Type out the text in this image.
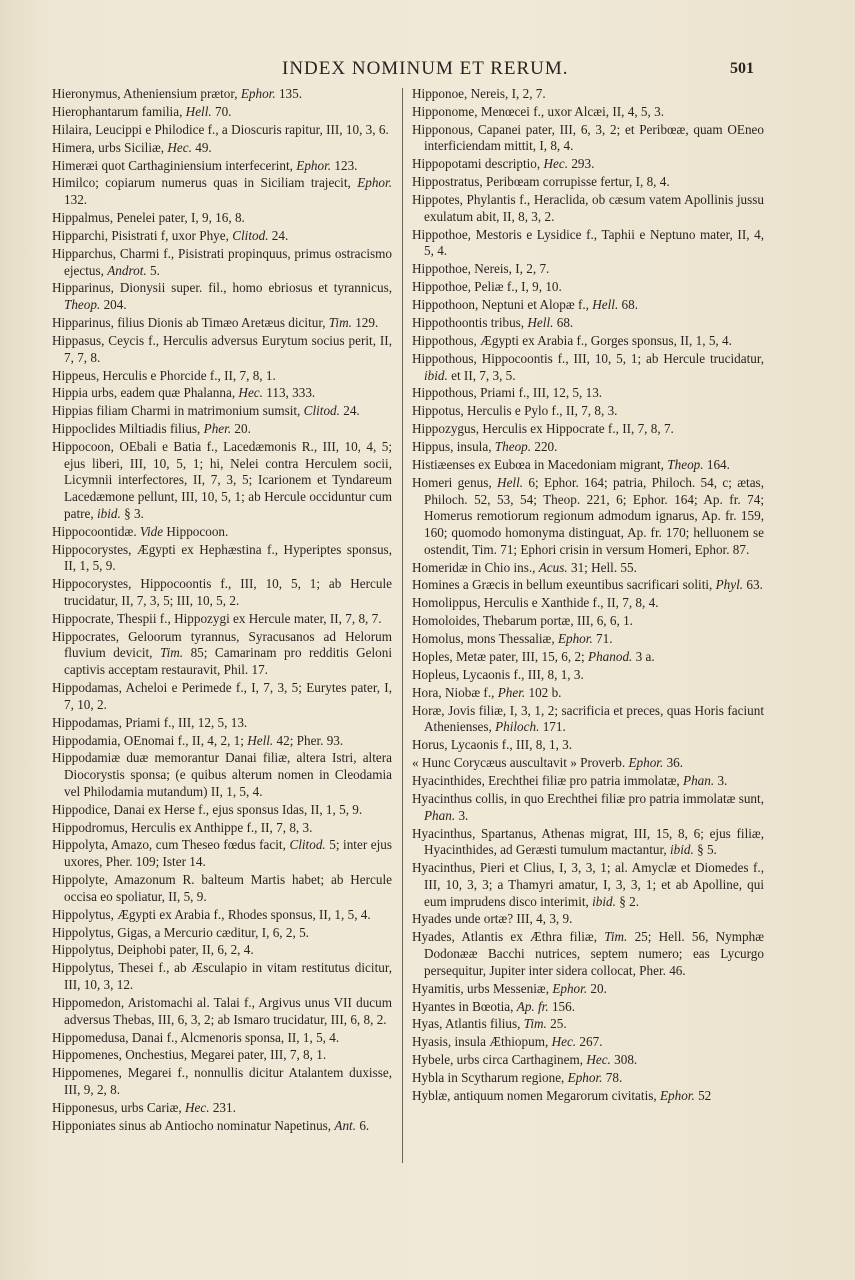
INDEX NOMINUM ET RERUM.	501

Hieronymus, Atheniensium prætor, Ephor. 135.

Hierophantarum familia, Hell. 70.

Hilaira, Leucippi e Philodice f., a Dioscuris rapitur, III, 10, 3, 6.

Himera, urbs Siciliæ, Hec. 49.

Himeræi quot Carthaginiensium interfecerint, Ephor. 123.

Himilco; copiarum numerus quas in Siciliam trajecit, Ephor. 132.

Hippalmus, Penelei pater, I, 9, 16, 8.

Hipparchi, Pisistrati f, uxor Phye, Clitod. 24.

Hipparchus, Charmi f., Pisistrati propinquus, primus ostracismo ejectus, Androt. 5.

Hipparinus, Dionysii super. fil., homo ebriosus et tyrannicus, Theop. 204.

Hipparinus, filius Dionis ab Timæo Aretæus dicitur, Tim. 129.

Hippasus, Ceycis f., Herculis adversus Eurytum socius perit, II, 7, 7, 8.

Hippeus, Herculis e Phorcide f., II, 7, 8, 1.

Hippia urbs, eadem quæ Phalanna, Hec. 113, 333.

Hippias filiam Charmi in matrimonium sumsit, Clitod. 24.

Hippoclides Miltiadis filius, Pher. 20.

Hippocoon, OEbali e Batia f., Lacedæmonis R., III, 10, 4, 5; ejus liberi, III, 10, 5, 1; hi, Nelei contra Herculem socii, Licymnii interfectores, II, 7, 3, 5; Icarionem et Tyndareum Lacedæmone pellunt, III, 10, 5, 1; ab Hercule occiduntur cum patre, ibid. § 3.

Hippocoontidæ. Vide Hippocoon.

Hippocorystes, Ægypti ex Hephæstina f., Hyperiptes sponsus, II, 1, 5, 9.

Hippocorystes, Hippocoontis f., III, 10, 5, 1; ab Hercule trucidatur, II, 7, 3, 5; III, 10, 5, 2.

Hippocrate, Thespii f., Hippozygi ex Hercule mater, II, 7, 8, 7.

Hippocrates, Geloorum tyrannus, Syracusanos ad Helorum fluvium devicit, Tim. 85; Camarinam pro redditis Geloni captivis acceptam restauravit, Phil. 17.

Hippodamas, Acheloi e Perimede f., I, 7, 3, 5; Eurytes pater, I, 7, 10, 2.

Hippodamas, Priami f., III, 12, 5, 13.

Hippodamia, OEnomai f., II, 4, 2, 1; Hell. 42; Pher. 93.

Hippodamiæ duæ memorantur Danai filiæ, altera Istri, altera Diocorystis sponsa; (e quibus alterum nomen in Cleodamia vel Philodamia mutandum) II, 1, 5, 4.

Hippodice, Danai ex Herse f., ejus sponsus Idas, II, 1, 5, 9.

Hippodromus, Herculis ex Anthippe f., II, 7, 8, 3.

Hippolyta, Amazo, cum Theseo fœdus facit, Clitod. 5; inter ejus uxores, Pher. 109; Ister 14.

Hippolyte, Amazonum R. balteum Martis habet; ab Hercule occisa eo spoliatur, II, 5, 9.

Hippolytus, Ægypti ex Arabia f., Rhodes sponsus, II, 1, 5, 4.

Hippolytus, Gigas, a Mercurio cæditur, I, 6, 2, 5.

Hippolytus, Deiphobi pater, II, 6, 2, 4.

Hippolytus, Thesei f., ab Æsculapio in vitam restitutus dicitur, III, 10, 3, 12.

Hippomedon, Aristomachi al. Talai f., Argivus unus VII ducum adversus Thebas, III, 6, 3, 2; ab Ismaro trucidatur, III, 6, 8, 2.

Hippomedusa, Danai f., Alcmenoris sponsa, II, 1, 5, 4.

Hippomenes, Onchestius, Megarei pater, III, 7, 8, 1.

Hippomenes, Megarei f., nonnullis dicitur Atalantem duxisse, III, 9, 2, 8.

Hipponesus, urbs Cariæ, Hec. 231.

Hipponiates sinus ab Antiocho nominatur Napetinus, Ant. 6.

Hipponoe, Nereis, I, 2, 7.

Hipponome, Menœcei f., uxor Alcæi, II, 4, 5, 3.

Hipponous, Capanei pater, III, 6, 3, 2; et Peribœæ, quam OEneo interficiendam mittit, I, 8, 4.

Hippopotami descriptio, Hec. 293.

Hippostratus, Peribœam corrupisse fertur, I, 8, 4.

Hippotes, Phylantis f., Heraclida, ob cæsum vatem Apollinis jussu exulatum abit, II, 8, 3, 2.

Hippothoe, Mestoris e Lysidice f., Taphii e Neptuno mater, II, 4, 5, 4.

Hippothoe, Nereis, I, 2, 7.

Hippothoe, Peliæ f., I, 9, 10.

Hippothoon, Neptuni et Alopæ f., Hell. 68.

Hippothoontis tribus, Hell. 68.

Hippothous, Ægypti ex Arabia f., Gorges sponsus, II, 1, 5, 4.

Hippothous, Hippocoontis f., III, 10, 5, 1; ab Hercule trucidatur, ibid. et II, 7, 3, 5.

Hippothous, Priami f., III, 12, 5, 13.

Hippotus, Herculis e Pylo f., II, 7, 8, 3.

Hippozygus, Herculis ex Hippocrate f., II, 7, 8, 7.

Hippus, insula, Theop. 220.

Histiæenses ex Eubœa in Macedoniam migrant, Theop. 164.

Homeri genus, Hell. 6; Ephor. 164; patria, Philoch. 54, c; ætas, Philoch. 52, 53, 54; Theop. 221, 6; Ephor. 164; Ap. fr. 74; Homerus remotiorum regionum admodum ignarus, Ap. fr. 159, 160; quomodo homonyma distinguat, Ap. fr. 170; helluonem se ostendit, Tim. 71; Ephori crisin in versum Homeri, Ephor. 87.

Homeridæ in Chio ins., Acus. 31; Hell. 55.

Homines a Græcis in bellum exeuntibus sacrificari soliti, Phyl. 63.

Homolippus, Herculis e Xanthide f., II, 7, 8, 4.

Homoloides, Thebarum portæ, III, 6, 6, 1.

Homolus, mons Thessaliæ, Ephor. 71.

Hoples, Metæ pater, III, 15, 6, 2; Phanod. 3 a.

Hopleus, Lycaonis f., III, 8, 1, 3.

Hora, Niobæ f., Pher. 102 b.

Horæ, Jovis filiæ, I, 3, 1, 2; sacrificia et preces, quas Horis faciunt Athenienses, Philoch. 171.

Horus, Lycaonis f., III, 8, 1, 3.

« Hunc Corycæus auscultavit » Proverb. Ephor. 36.

Hyacinthides, Erechthei filiæ pro patria immolatæ, Phan. 3.

Hyacinthus collis, in quo Erechthei filiæ pro patria immolatæ sunt, Phan. 3.

Hyacinthus, Spartanus, Athenas migrat, III, 15, 8, 6; ejus filiæ, Hyacinthides, ad Geræsti tumulum mactantur, ibid. § 5.

Hyacinthus, Pieri et Clius, I, 3, 3, 1; al. Amyclæ et Diomedes f., III, 10, 3, 3; a Thamyri amatur, I, 3, 3, 1; et ab Apolline, qui eum imprudens disco interimit, ibid. § 2.

Hyades unde ortæ? III, 4, 3, 9.

Hyades, Atlantis ex Æthra filiæ, Tim. 25; Hell. 56, Nymphæ Dodonææ Bacchi nutrices, septem numero; eas Lycurgo persequitur, Jupiter inter sidera collocat, Pher. 46.

Hyamitis, urbs Messeniæ, Ephor. 20.

Hyantes in Bœotia, Ap. fr. 156.

Hyas, Atlantis filius, Tim. 25.

Hyasis, insula Æthiopum, Hec. 267.

Hybele, urbs circa Carthaginem, Hec. 308.

Hybla in Scytharum regione, Ephor. 78.

Hyblæ, antiquum nomen Megarorum civitatis, Ephor. 52
